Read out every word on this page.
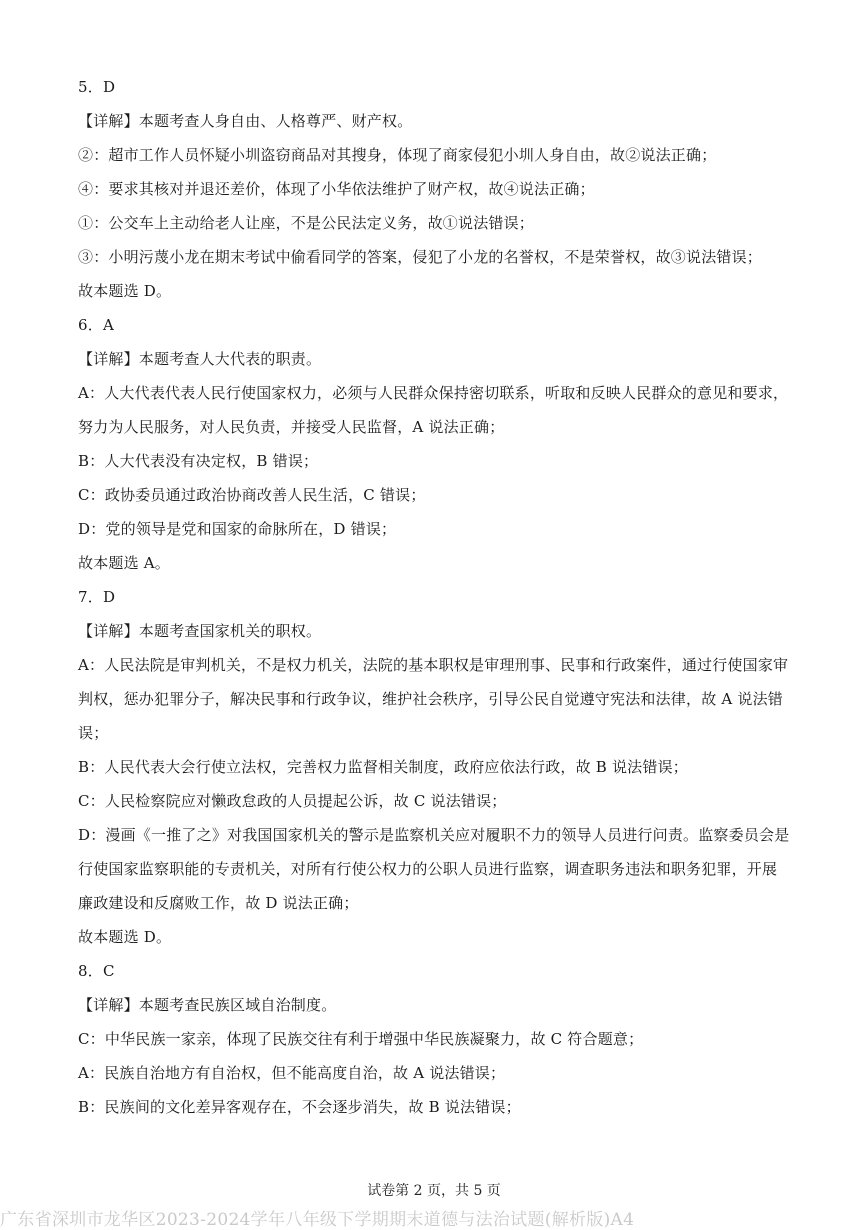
5．D
【详解】本题考查人身自由、人格尊严、财产权。
②：超市工作人员怀疑小圳盗窃商品对其搜身，体现了商家侵犯小圳人身自由，故②说法正确；
④：要求其核对并退还差价，体现了小华依法维护了财产权，故④说法正确；
①：公交车上主动给老人让座，不是公民法定义务，故①说法错误；
③：小明污蔑小龙在期末考试中偷看同学的答案，侵犯了小龙的名誉权，不是荣誉权，故③说法错误；
故本题选 D。
6．A
【详解】本题考查人大代表的职责。
A：人大代表代表人民行使国家权力，必须与人民群众保持密切联系，听取和反映人民群众的意见和要求，
努力为人民服务，对人民负责，并接受人民监督，A 说法正确；
B：人大代表没有决定权，B 错误；
C：政协委员通过政治协商改善人民生活，C 错误；
D：党的领导是党和国家的命脉所在，D 错误；
故本题选 A。
7．D
【详解】本题考查国家机关的职权。
A：人民法院是审判机关，不是权力机关，法院的基本职权是审理刑事、民事和行政案件，通过行使国家审
判权，惩办犯罪分子，解决民事和行政争议，维护社会秩序，引导公民自觉遵守宪法和法律，故 A 说法错
误；
B：人民代表大会行使立法权，完善权力监督相关制度，政府应依法行政，故 B 说法错误；
C：人民检察院应对懒政怠政的人员提起公诉，故 C 说法错误；
D：漫画《一推了之》对我国国家机关的警示是监察机关应对履职不力的领导人员进行问责。监察委员会是
行使国家监察职能的专责机关，对所有行使公权力的公职人员进行监察，调查职务违法和职务犯罪，开展
廉政建设和反腐败工作，故 D 说法正确；
故本题选 D。
8．C
【详解】本题考查民族区域自治制度。
C：中华民族一家亲，体现了民族交往有利于增强中华民族凝聚力，故 C 符合题意；
A：民族自治地方有自治权，但不能高度自治，故 A 说法错误；
B：民族间的文化差异客观存在，不会逐步消失，故 B 说法错误；
试卷第 2 页，共 5 页
广东省深圳市龙华区2023-2024学年八年级下学期期末道德与法治试题(解析版)A4
